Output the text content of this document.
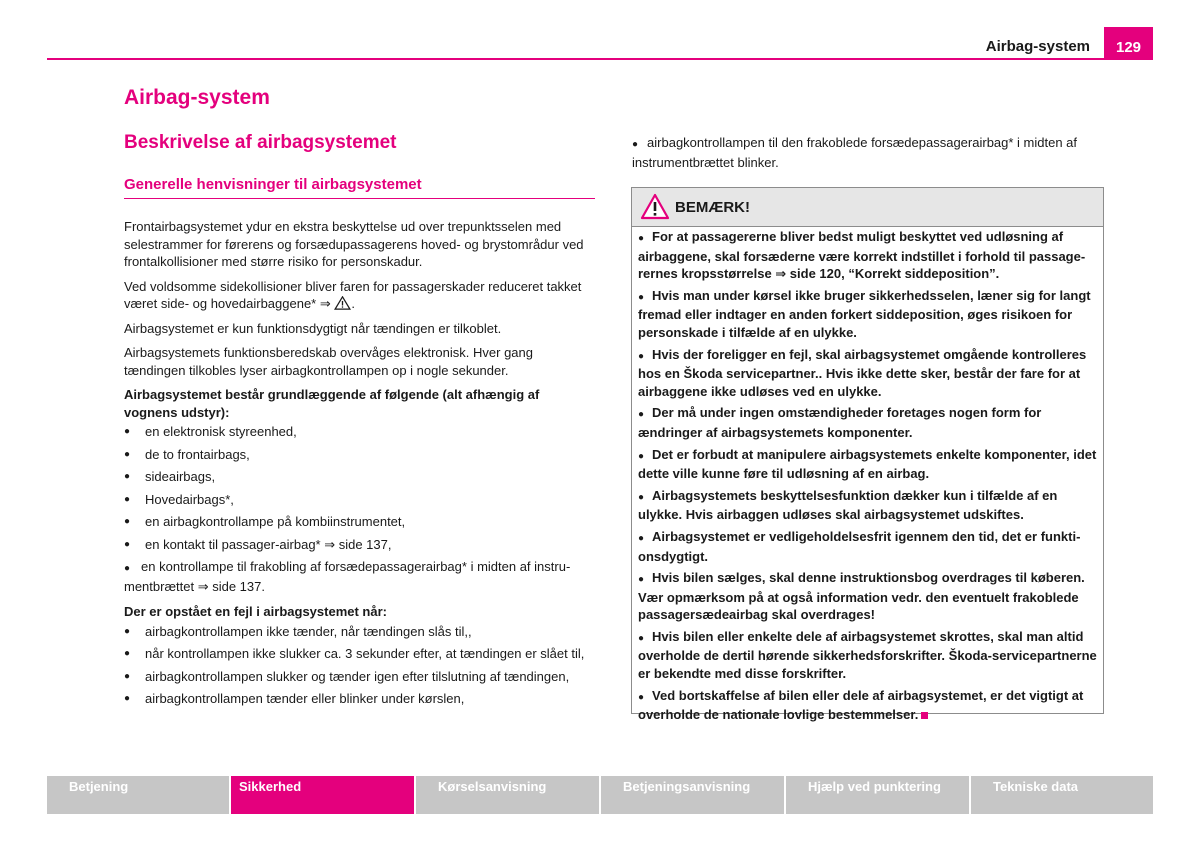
Airbag-system	129
Airbag-system
Beskrivelse af airbagsystemet
Generelle henvisninger til airbagsystemet

Frontairbagsystemet ydur en ekstra beskyttelse ud over trepunktsselen med selestrammer for førerens og forsædupassagerens hoved- og brystområdur ved frontalkollisioner med større risiko for personskadur.

Ved voldsomme sidekollisioner bliver faren for passagerskader reduceret takket været side- og hovedairbaggene* ⇒ .

Airbagsystemet er kun funktionsdygtigt når tændingen er tilkoblet.

Airbagsystemets funktionsberedskab overvåges elektronisk. Hver gang tændingen tilkobles lyser airbagkontrollampen op i nogle sekunder.

Airbagsystemet består grundlæggende af følgende (alt afhængig af vognens udstyr):

● en elektronisk styreenhed,
● de to frontairbags,
● sideairbags,
● Hovedairbags*,
● en airbagkontrollampe på kombiinstrumentet,
● en kontakt til passager-airbag* ⇒ side 137,
● en kontrollampe til frakobling af forsædepassagerairbag* i midten af instrumentbrættet ⇒ side 137.

Der er opstået en fejl i airbagsystemet når:

● airbagkontrollampen ikke tænder, når tændingen slås til,,
● når kontrollampen ikke slukker ca. 3 sekunder efter, at tændingen er slået til,
● airbagkontrollampen slukker og tænder igen efter tilslutning af tændingen,
● airbagkontrollampen tænder eller blinker under kørslen,
● airbagkontrollampen til den frakoblede forsædepassagerairbag* i midten af instrumentbrættet blinker.
BEMÆRK!

● For at passagererne bliver bedst muligt beskyttet ved udløsning af airbaggene, skal forsæderne være korrekt indstillet i forhold til passagerernes kropsstørrelse ⇒ side 120, “Korrekt siddeposition”.

● Hvis man under kørsel ikke bruger sikkerhedsselen, læner sig for langt fremad eller indtager en anden forkert siddeposition, øges risikoen for personskade i tilfælde af en ulykke.

● Hvis der foreligger en fejl, skal airbagsystemet omgående kontrolleres hos en Škoda servicepartner.. Hvis ikke dette sker, består der fare for at airbaggene ikke udløses ved en ulykke.

● Der må under ingen omstændigheder foretages nogen form for ændringer af airbagsystemets komponenter.

● Det er forbudt at manipulere airbagsystemets enkelte komponenter, idet dette ville kunne føre til udløsning af en airbag.

● Airbagsystemets beskyttelsesfunktion dækker kun i tilfælde af en ulykke. Hvis airbaggen udløses skal airbagsystemet udskiftes.

● Airbagsystemet er vedligeholdelsesfrit igennem den tid, det er funktionsdygtigt.

● Hvis bilen sælges, skal denne instruktionsbog overdrages til køberen. Vær opmærksom på at også information vedr. den eventuelt frakoblede passagersædeairbag skal overdrages!

● Hvis bilen eller enkelte dele af airbagsystemet skrottes, skal man altid overholde de dertil hørende sikkerhedsforskrifter. Škoda-servicepartnerne er bekendte med disse forskrifter.

● Ved bortskaffelse af bilen eller dele af airbagsystemet, er det vigtigt at overholde de nationale lovlige bestemmelser.

Betjening	Sikkerhed	Kørselsanvisning	Betjeningsanvisning	Hjælp ved punktering	Tekniske data
